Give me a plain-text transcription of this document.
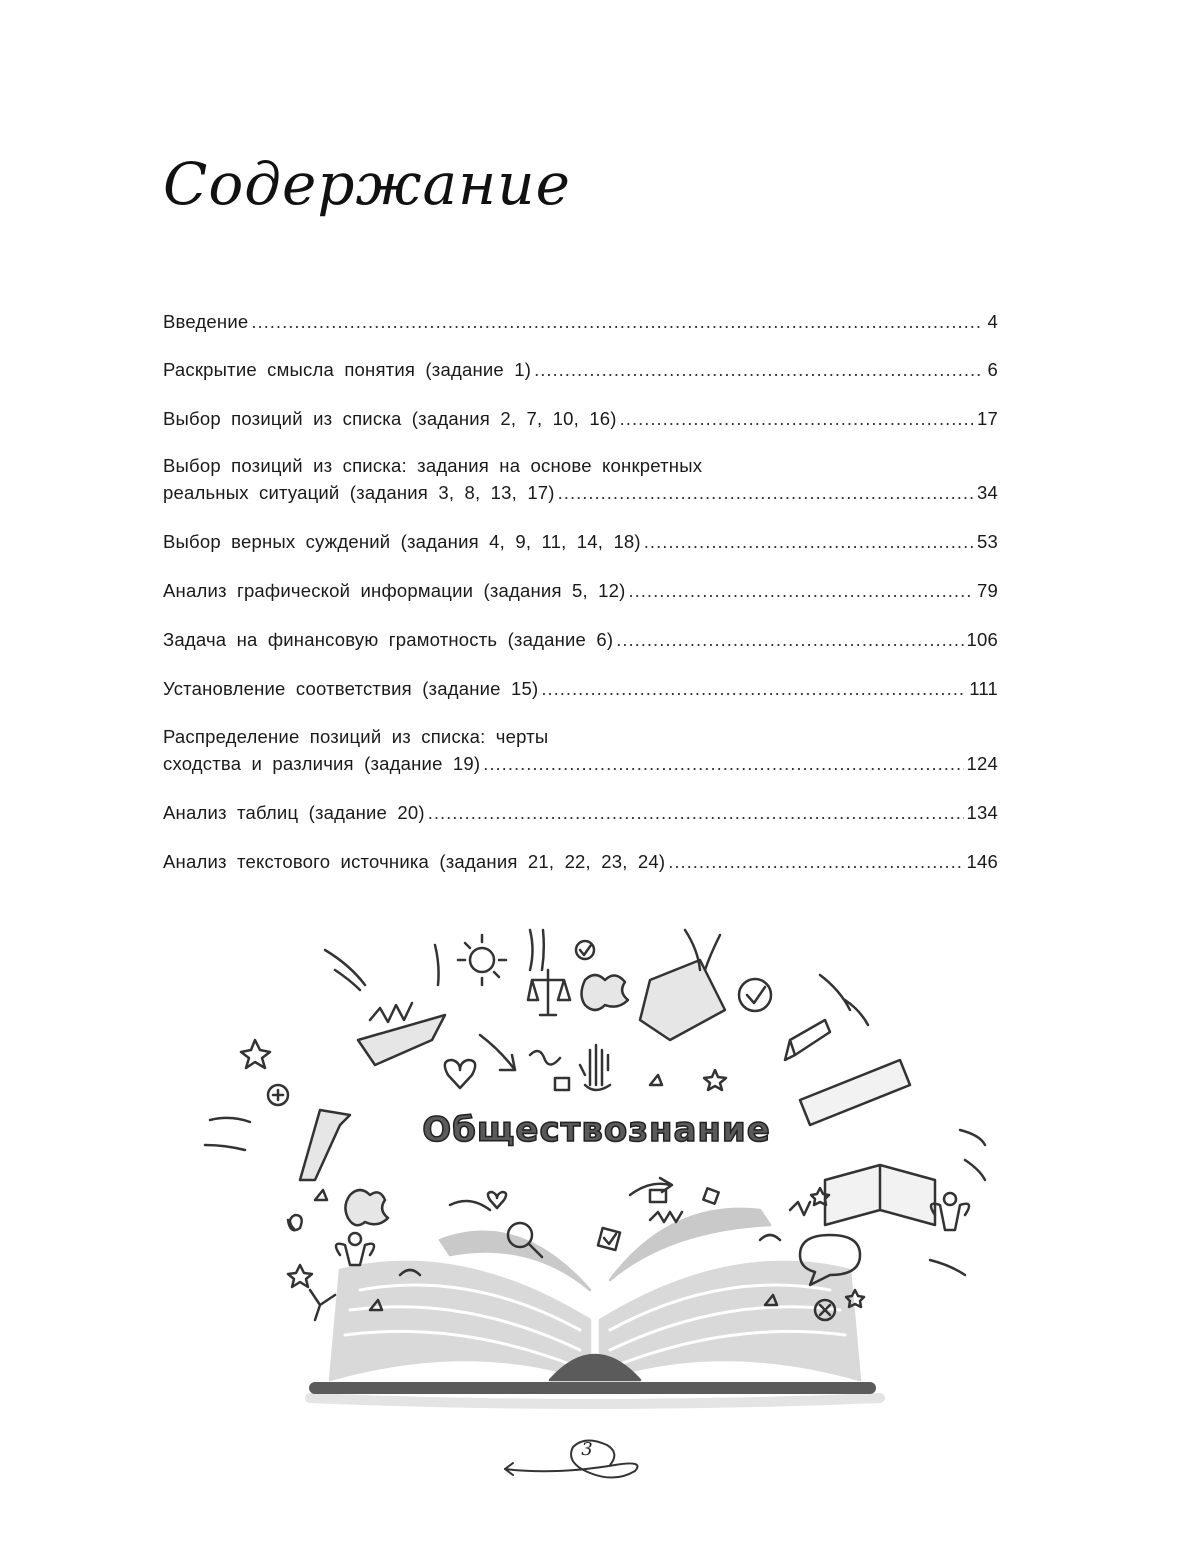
Содержание
Введение .....	4
Раскрытие смысла понятия (задание 1) .....	6
Выбор позиций из списка (задания 2, 7, 10, 16) .....	17
Выбор позиций из списка: задания на основе конкретных
реальных ситуаций (задания 3, 8, 13, 17) .....	34
Выбор верных суждений (задания 4, 9, 11, 14, 18) .....	53
Анализ графической информации (задания 5, 12) .....	79
Задача на финансовую грамотность (задание 6) .....	106
Установление соответствия (задание 15) .....	111
Распределение позиций из списка: черты
сходства и различия (задание 19) .....	124
Анализ таблиц (задание 20) .....	134
Анализ текстового источника (задания 21, 22, 23, 24) .....	146
Обществознание
3
